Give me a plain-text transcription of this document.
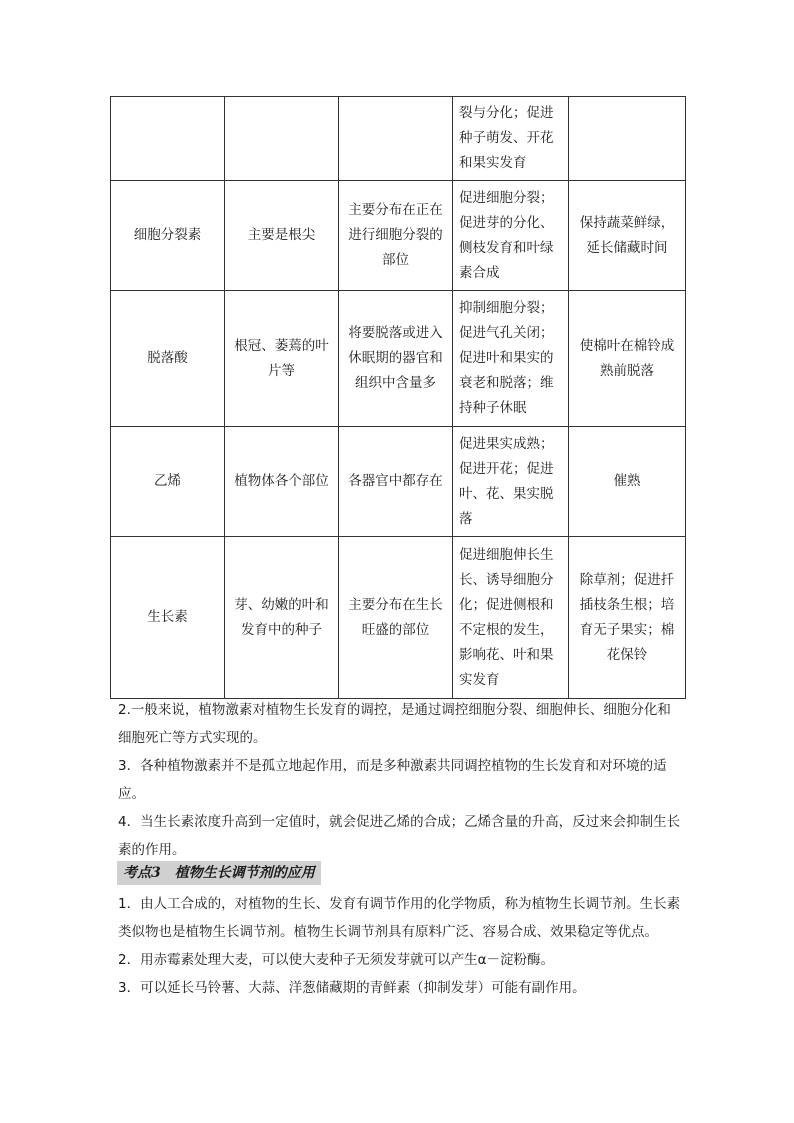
			裂与分化；促进种子萌发、开花和果实发育	
细胞分裂素	主要是根尖	主要分布在正在进行细胞分裂的部位	促进细胞分裂；促进芽的分化、侧枝发育和叶绿素合成	保持蔬菜鲜绿，延长储藏时间
脱落酸	根冠、萎蔫的叶片等	将要脱落或进入休眠期的器官和组织中含量多	抑制细胞分裂；促进气孔关闭；促进叶和果实的衰老和脱落；维持种子休眠	使棉叶在棉铃成熟前脱落
乙烯	植物体各个部位	各器官中都存在	促进果实成熟；促进开花；促进叶、花、果实脱落	催熟
生长素	芽、幼嫩的叶和发育中的种子	主要分布在生长旺盛的部位	促进细胞伸长生长、诱导细胞分化；促进侧根和不定根的发生，影响花、叶和果实发育	除草剂；促进扦插枝条生根；培育无子果实；棉花保铃

2.一般来说，植物激素对植物生长发育的调控，是通过调控细胞分裂、细胞伸长、细胞分化和细胞死亡等方式实现的。

3．各种植物激素并不是孤立地起作用，而是多种激素共同调控植物的生长发育和对环境的适应。

4．当生长素浓度升高到一定值时，就会促进乙烯的合成；乙烯含量的升高，反过来会抑制生长素的作用。

考点3　植物生长调节剂的应用

1．由人工合成的，对植物的生长、发育有调节作用的化学物质，称为植物生长调节剂。生长素类似物也是植物生长调节剂。植物生长调节剂具有原料广泛、容易合成、效果稳定等优点。

2．用赤霉素处理大麦，可以使大麦种子无须发芽就可以产生α－淀粉酶。

3．可以延长马铃薯、大蒜、洋葱储藏期的青鲜素（抑制发芽）可能有副作用。
